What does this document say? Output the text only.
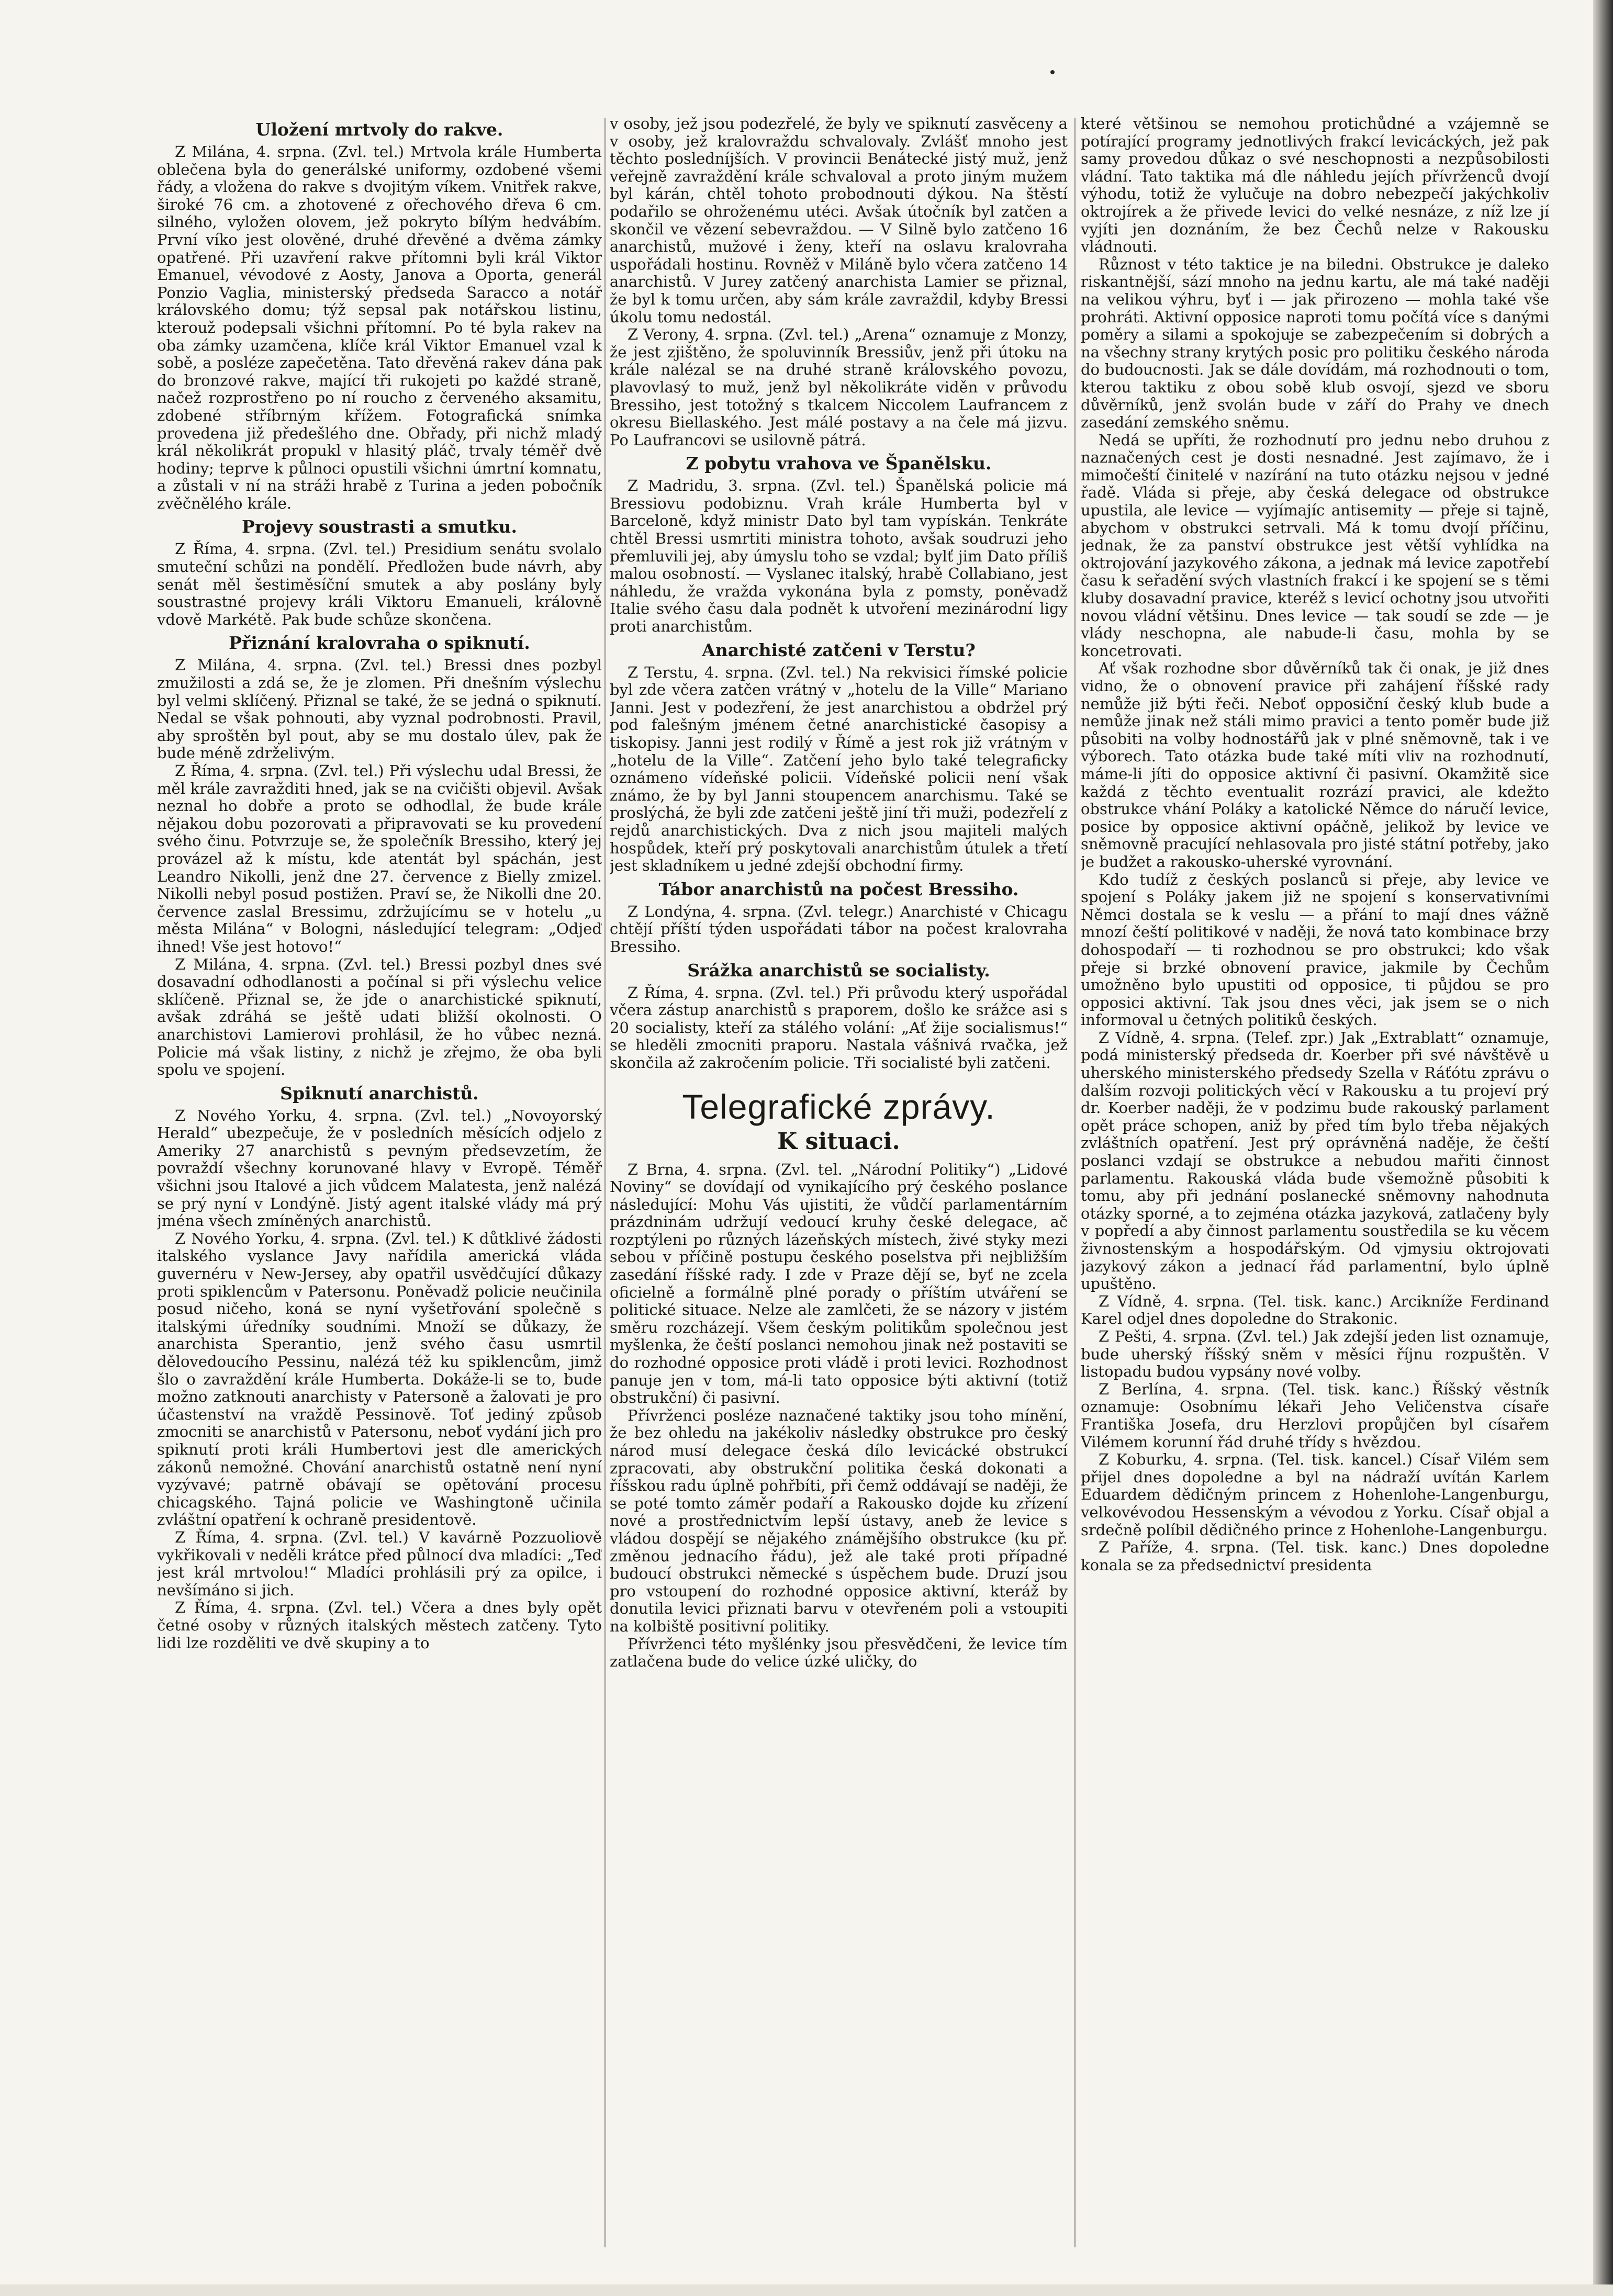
Uložení mrtvoly do rakve.

Z Milána, 4. srpna. (Zvl. tel.) Mrtvola krále Humberta oblečena byla do generálské uniformy, ozdobené všemi řády, a vložena do rakve s dvojitým víkem. Vnitřek rakve, široké 76 cm. a zhotovené z ořechového dřeva 6 cm. silného, vyložen olovem, jež pokryto bílým hedvábím. První víko jest olověné, druhé dřevěné a dvěma zámky opatřené. Při uzavření rakve přítomni byli král Viktor Emanuel, vévodové z Aosty, Janova a Oporta, generál Ponzio Vaglia, ministerský předseda Saracco a notář královského domu; týž sepsal pak notářskou listinu, kterouž podepsali všichni přítomní. Po té byla rakev na oba zámky uzamčena, klíče král Viktor Emanuel vzal k sobě, a posléze zapečetěna. Tato dřevěná rakev dána pak do bronzové rakve, mající tři rukojeti po každé straně, načež rozprostřeno po ní roucho z červeného aksamitu, zdobené stříbrným křížem. Fotografická snímka provedena již předešlého dne. Obřady, při nichž mladý král několikrát propukl v hlasitý pláč, trvaly téměř dvě hodiny; teprve k půlnoci opustili všichni úmrtní komnatu, a zůstali v ní na stráži hrabě z Turina a jeden pobočník zvěčnělého krále.

Projevy soustrasti a smutku.

Z Říma, 4. srpna. (Zvl. tel.) Presidium senátu svolalo smuteční schůzi na pondělí. Předložen bude návrh, aby senát měl šestiměsíční smutek a aby poslány byly soustrastné projevy králi Viktoru Emanueli, královně vdově Markétě. Pak bude schůze skončena.

Přiznání kralovraha o spiknutí.

Z Milána, 4. srpna. (Zvl. tel.) Bressi dnes pozbyl zmužilosti a zdá se, že je zlomen. Při dnešním výslechu byl velmi sklíčený. Přiznal se také, že se jedná o spiknutí. Nedal se však pohnouti, aby vyznal podrobnosti. Pravil, aby sproštěn byl pout, aby se mu dostalo úlev, pak že bude méně zdrželivým.

Z Říma, 4. srpna. (Zvl. tel.) Při výslechu udal Bressi, že měl krále zavražditi hned, jak se na cvičišti objevil. Avšak neznal ho dobře a proto se odhodlal, že bude krále nějakou dobu pozorovati a připravovati se ku provedení svého činu. Potvrzuje se, že společník Bressiho, který jej provázel až k místu, kde atentát byl spáchán, jest Leandro Nikolli, jenž dne 27. července z Bielly zmizel. Nikolli nebyl posud postižen. Praví se, že Nikolli dne 20. července zaslal Bressimu, zdržujícímu se v hotelu „u města Milána“ v Bologni, následující telegram: „Odjeď ihned! Vše jest hotovo!“

Z Milána, 4. srpna. (Zvl. tel.) Bressi pozbyl dnes své dosavadní odhodlanosti a počínal si při výslechu velice sklíčeně. Přiznal se, že jde o anarchistické spiknutí, avšak zdráhá se ještě udati bližší okolnosti. O anarchistovi Lamierovi prohlásil, že ho vůbec nezná. Policie má však listiny, z nichž je zřejmo, že oba byli spolu ve spojení.

Spiknutí anarchistů.

Z Nového Yorku, 4. srpna. (Zvl. tel.) „Novoyorský Herald“ ubezpečuje, že v posledních měsících odjelo z Ameriky 27 anarchistů s pevným předsevzetím, že povraždí všechny korunované hlavy v Evropě. Téměř všichni jsou Italové a jich vůdcem Malatesta, jenž nalézá se prý nyní v Londýně. Jistý agent italské vlády má prý jména všech zmíněných anarchistů.

Z Nového Yorku, 4. srpna. (Zvl. tel.) K důtklivé žádosti italského vyslance Javy nařídila americká vláda guvernéru v New-Jersey, aby opatřil usvědčující důkazy proti spiklencům v Patersonu. Poněvadž policie neučinila posud ničeho, koná se nyní vyšetřování společně s italskými úředníky soudními. Množí se důkazy, že anarchista Sperantio, jenž svého času usmrtil dělovedoucího Pessinu, nalézá též ku spiklencům, jimž šlo o zavraždění krále Humberta. Dokáže-li se to, bude možno zatknouti anarchisty v Patersoně a žalovati je pro účastenství na vraždě Pessinově. Toť jediný způsob zmocniti se anarchistů v Patersonu, neboť vydání jich pro spiknutí proti králi Humbertovi jest dle amerických zákonů nemožné. Chování anarchistů ostatně není nyní vyzývavé; patrně obávají se opětování procesu chicagského. Tajná policie ve Washingtoně učinila zvláštní opatření k ochraně presidentově.

Z Říma, 4. srpna. (Zvl. tel.) V kavárně Pozzuoliově vykřikovali v neděli krátce před půlnocí dva mladíci: „Teď jest král mrtvolou!“ Mladíci prohlásili prý za opilce, i nevšímáno si jich.

Z Říma, 4. srpna. (Zvl. tel.) Včera a dnes byly opět četné osoby v různých italských městech zatčeny. Tyto lidi lze rozděliti ve dvě skupiny a to

v osoby, jež jsou podezřelé, že byly ve spiknutí zasvěceny a v osoby, jež kralovraždu schvalovaly. Zvlášť mnoho jest těchto posledníjších. V provincii Benátecké jistý muž, jenž veřejně zavraždění krále schvaloval a proto jiným mužem byl kárán, chtěl tohoto probodnouti dýkou. Na štěstí podařilo se ohroženému utéci. Avšak útočník byl zatčen a skončil ve vězení sebevraždou. — V Silně bylo zatčeno 16 anarchistů, mužové i ženy, kteří na oslavu kralovraha uspořádali hostinu. Rovněž v Miláně bylo včera zatčeno 14 anarchistů. V Jurey zatčený anarchista Lamier se přiznal, že byl k tomu určen, aby sám krále zavraždil, kdyby Bressi úkolu tomu nedostál.

Z Verony, 4. srpna. (Zvl. tel.) „Arena“ oznamuje z Monzy, že jest zjištěno, že spoluvinník Bressiův, jenž při útoku na krále nalézal se na druhé straně královského povozu, plavovlasý to muž, jenž byl několikráte viděn v průvodu Bressiho, jest totožný s tkalcem Niccolem Laufrancem z okresu Biellaského. Jest málé postavy a na čele má jizvu. Po Laufrancovi se usilovně pátrá.

Z pobytu vrahova ve Španělsku.

Z Madridu, 3. srpna. (Zvl. tel.) Španělská policie má Bressiovu podobiznu. Vrah krále Humberta byl v Barceloně, když ministr Dato byl tam vypískán. Tenkráte chtěl Bressi usmrtiti ministra tohoto, avšak soudruzi jeho přemluvili jej, aby úmyslu toho se vzdal; bylť jim Dato příliš malou osobností. — Vyslanec italský, hrabě Collabiano, jest náhledu, že vražda vykonána byla z pomsty, poněvadž Italie svého času dala podnět k utvoření mezinárodní ligy proti anarchistům.

Anarchisté zatčeni v Terstu?

Z Terstu, 4. srpna. (Zvl. tel.) Na rekvisici římské policie byl zde včera zatčen vrátný v „hotelu de la Ville“ Mariano Janni. Jest v podezření, že jest anarchistou a obdržel prý pod falešným jménem četné anarchistické časopisy a tiskopisy. Janni jest rodilý v Římě a jest rok již vrátným v „hotelu de la Ville“. Zatčení jeho bylo také telegraficky oznámeno vídeňské policii. Vídeňské policii není však známo, že by byl Janni stoupencem anarchismu. Také se proslýchá, že byli zde zatčeni ještě jiní tři muži, podezřelí z rejdů anarchistických. Dva z nich jsou majiteli malých hospůdek, kteří prý poskytovali anarchistům útulek a třetí jest skladníkem u jedné zdejší obchodní firmy.

Tábor anarchistů na počest Bressiho.

Z Londýna, 4. srpna. (Zvl. telegr.) Anarchisté v Chicagu chtějí příští týden uspořádati tábor na počest kralovraha Bressiho.

Srážka anarchistů se socialisty.

Z Říma, 4. srpna. (Zvl. tel.) Při průvodu který uspořádal včera zástup anarchistů s praporem, došlo ke srážce asi s 20 socialisty, kteří za stálého volání: „Ať žije socialismus!“ se hleděli zmocniti praporu. Nastala vášnivá rvačka, jež skončila až zakročením policie. Tři socialisté byli zatčeni.

Telegrafické zprávy.
K situaci.

Z Brna, 4. srpna. (Zvl. tel. „Národní Politiky“) „Lidové Noviny“ se dovídají od vynikajícího prý českého poslance následující: Mohu Vás ujistiti, že vůdčí parlamentárním prázdninám udržují vedoucí kruhy české delegace, ač rozptýleni po různých lázeňských místech, živé styky mezi sebou v příčině postupu českého poselstva při nejbližším zasedání říšské rady. I zde v Praze dějí se, byť ne zcela oficielně a formálně plné porady o příštím utváření se politické situace. Nelze ale zamlčeti, že se názory v jistém směru rozcházejí. Všem českým politikům společnou jest myšlenka, že čeští poslanci nemohou jinak než postaviti se do rozhodné opposice proti vládě i proti levici. Rozhodnost panuje jen v tom, má-li tato opposice býti aktivní (totiž obstrukční) či pasivní.

Přívrženci posléze naznačené taktiky jsou toho mínění, že bez ohledu na jakékoliv následky obstrukce pro český národ musí delegace česká dílo levicácké obstrukcí zpracovati, aby obstrukční politika česká dokonati a říšskou radu úplně pohřbíti, při čemž oddávají se naději, že se poté tomto záměr podaří a Rakousko dojde ku zřízení nové a prostřednictvím lepší ústavy, aneb že levice s vládou dospějí se nějakého známějšího obstrukce (ku př. změnou jednacího řádu), jež ale také proti případné budoucí obstrukci německé s úspěchem bude. Druzí jsou pro vstoupení do rozhodné opposice aktivní, kteráž by donutila levici přiznati barvu v otevřeném poli a vstoupiti na kolbiště positivní politiky.

Přívrženci této myšlénky jsou přesvědčeni, že levice tím zatlačena bude do velice úzké uličky, do

které většinou se nemohou protichůdné a vzájemně se potírající programy jednotlivých frakcí levicáckých, jež pak samy provedou důkaz o své neschopnosti a nezpůsobilosti vládní. Tato taktika má dle náhledu jejích přívrženců dvojí výhodu, totiž že vylučuje na dobro nebezpečí jakýchkoliv oktrojírek a že přivede levici do velké nesnáze, z níž lze jí vyjíti jen doznáním, že bez Čechů nelze v Rakousku vládnouti.

Různost v této taktice je na biledni. Obstrukce je daleko riskantnější, sází mnoho na jednu kartu, ale má také naději na velikou výhru, byť i — jak přirozeno — mohla také vše prohráti. Aktivní opposice naproti tomu počítá více s danými poměry a silami a spokojuje se zabezpečením si dobrých a na všechny strany krytých posic pro politiku českého národa do budoucnosti. Jak se dále dovídám, má rozhodnouti o tom, kterou taktiku z obou sobě klub osvojí, sjezd ve sboru důvěrníků, jenž svolán bude v září do Prahy ve dnech zasedání zemského sněmu.

Nedá se upříti, že rozhodnutí pro jednu nebo druhou z naznačených cest je dosti nesnadné. Jest zajímavo, že i mimočeští činitelé v nazírání na tuto otázku nejsou v jedné řadě. Vláda si přeje, aby česká delegace od obstrukce upustila, ale levice — vyjímajíc antisemity — přeje si tajně, abychom v obstrukci setrvali. Má k tomu dvojí příčinu, jednak, že za panství obstrukce jest větší vyhlídka na oktrojování jazykového zákona, a jednak má levice zapotřebí času k seřadění svých vlastních frakcí i ke spojení se s těmi kluby dosavadní pravice, kteréž s levicí ochotny jsou utvořiti novou vládní většinu. Dnes levice — tak soudí se zde — je vlády neschopna, ale nabude-li času, mohla by se koncetrovati.

Ať však rozhodne sbor důvěrníků tak či onak, je již dnes vidno, že o obnovení pravice při zahájení říšské rady nemůže již býti řeči. Neboť opposiční český klub bude a nemůže jinak než stáli mimo pravici a tento poměr bude již působiti na volby hodnostářů jak v plné sněmovně, tak i ve výborech. Tato otázka bude také míti vliv na rozhodnutí, máme-li jíti do opposice aktivní či pasivní. Okamžitě sice každá z těchto eventualit rozrází pravici, ale kdežto obstrukce vhání Poláky a katolické Němce do náručí levice, posice by opposice aktivní opáčně, jelikož by levice ve sněmovně pracující nehlasovala pro jisté státní potřeby, jako je budžet a rakousko-uherské vyrovnání.

Kdo tudíž z českých poslanců si přeje, aby levice ve spojení s Poláky jakem již ne spojení s konservativními Němci dostala se k veslu — a přání to mají dnes vážně mnozí čeští politikové v naději, že nová tato kombinace brzy dohospodaří — ti rozhodnou se pro obstrukci; kdo však přeje si brzké obnovení pravice, jakmile by Čechům umožněno bylo upustiti od opposice, ti půjdou se pro opposici aktivní. Tak jsou dnes věci, jak jsem se o nich informoval u četných politiků českých.

Z Vídně, 4. srpna. (Telef. zpr.) Jak „Extrablatt“ oznamuje, podá ministerský předseda dr. Koerber při své návštěvě u uherského ministerského předsedy Szella v Ráťótu zprávu o dalším rozvoji politických věcí v Rakousku a tu projeví prý dr. Koerber naději, že v podzimu bude rakouský parlament opět práce schopen, aniž by před tím bylo třeba nějakých zvláštních opatření. Jest prý oprávněná naděje, že čeští poslanci vzdají se obstrukce a nebudou mařiti činnost parlamentu. Rakouská vláda bude všemožně působiti k tomu, aby při jednání poslanecké sněmovny nahodnuta otázky sporné, a to zejména otázka jazyková, zatlačeny byly v popředí a aby činnost parlamentu soustředila se ku věcem živnostenským a hospodářským. Od vjmysiu oktrojovati jazykový zákon a jednací řád parlamentní, bylo úplně upuštěno.

Z Vídně, 4. srpna. (Tel. tisk. kanc.) Arcikníže Ferdinand Karel odjel dnes dopoledne do Strakonic.

Z Pešti, 4. srpna. (Zvl. tel.) Jak zdejší jeden list oznamuje, bude uherský říšský sněm v měsíci říjnu rozpuštěn. V listopadu budou vypsány nové volby.

Z Berlína, 4. srpna. (Tel. tisk. kanc.) Říšský věstník oznamuje: Osobnímu lékaři Jeho Veličenstva císaře Františka Josefa, dru Herzlovi propůjčen byl císařem Vilémem korunní řád druhé třídy s hvězdou.

Z Koburku, 4. srpna. (Tel. tisk. kancel.) Císař Vilém sem přijel dnes dopoledne a byl na nádraží uvítán Karlem Eduardem dědičným princem z Hohenlohe-Langenburgu, velkovévodou Hessenským a vévodou z Yorku. Císař objal a srdečně políbil dědičného prince z Hohenlohe-Langenburgu.

Z Paříže, 4. srpna. (Tel. tisk. kanc.) Dnes dopoledne konala se za předsednictví presidenta
